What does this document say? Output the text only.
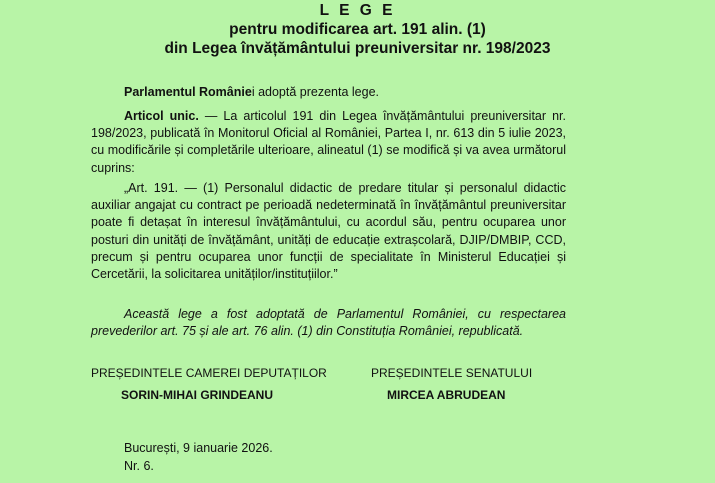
L E G E
pentru modificarea art. 191 alin. (1)
din Legea învățământului preuniversitar nr. 198/2023
Parlamentul României adoptă prezenta lege.
Articol unic. — La articolul 191 din Legea învățământului preuniversitar nr. 198/2023, publicată în Monitorul Oficial al României, Partea I, nr. 613 din 5 iulie 2023, cu modificările și completările ulterioare, alineatul (1) se modifică și va avea următorul cuprins:
„Art. 191. — (1) Personalul didactic de predare titular și personalul didactic auxiliar angajat cu contract pe perioadă nedeterminată în învățământul preuniversitar poate fi detașat în interesul învățământului, cu acordul său, pentru ocuparea unor posturi din unități de învățământ, unități de educație extrașcolară, DJIP/DMBIP, CCD, precum și pentru ocuparea unor funcții de specialitate în Ministerul Educației și Cercetării, la solicitarea unităților/instituțiilor.”
Această lege a fost adoptată de Parlamentul României, cu respectarea prevederilor art. 75 și ale art. 76 alin. (1) din Constituția României, republicată.
PREȘEDINTELE CAMEREI DEPUTAȚILOR	PREȘEDINTELE SENATULUI
SORIN-MIHAI GRINDEANU	MIRCEA ABRUDEAN
București, 9 ianuarie 2026.
Nr. 6.
